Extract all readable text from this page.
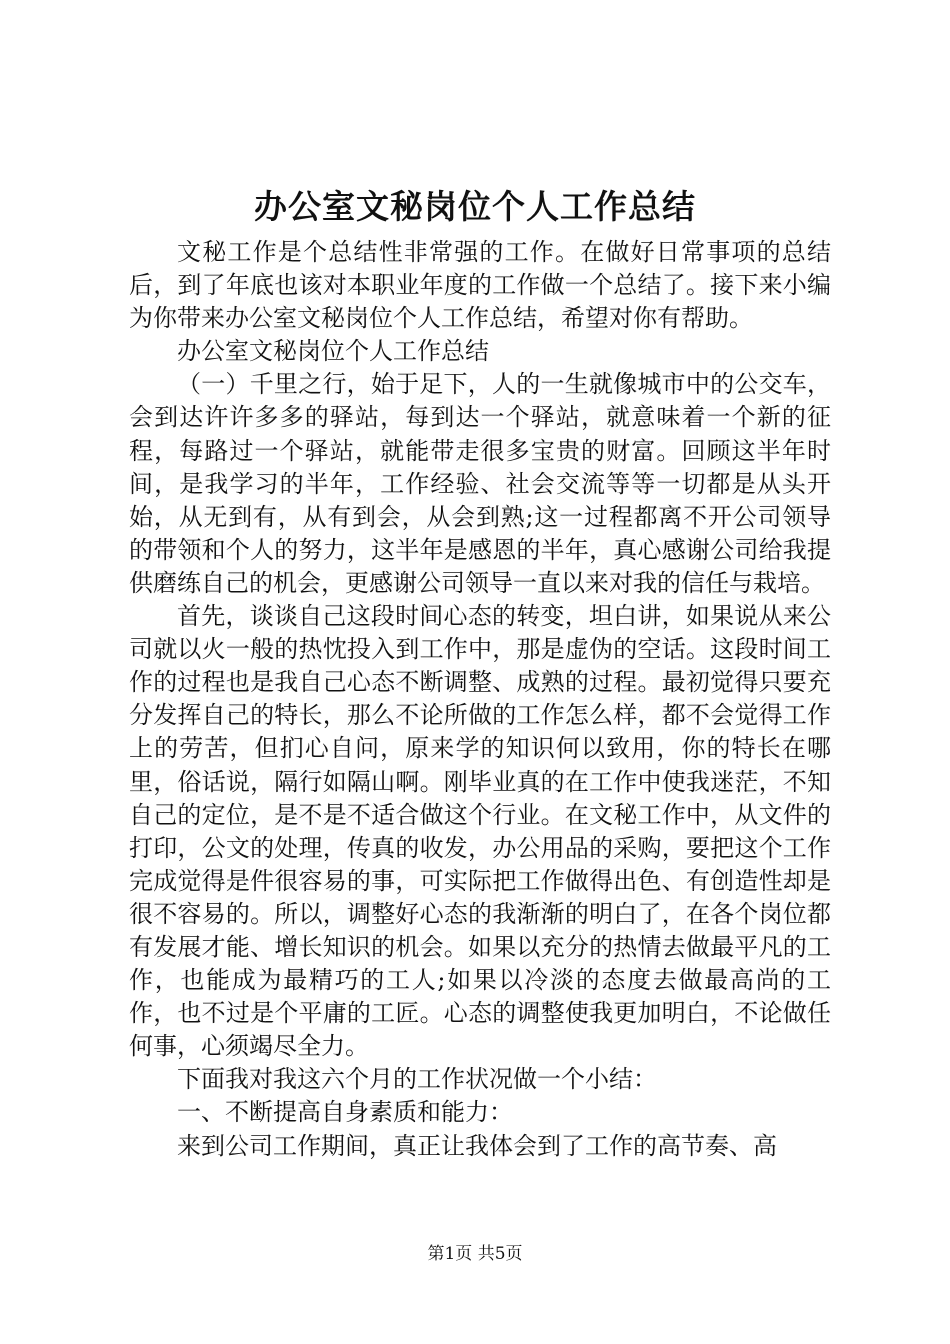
办公室文秘岗位个人工作总结

文秘工作是个总结性非常强的工作。在做好日常事项的总结后，到了年底也该对本职业年度的工作做一个总结了。接下来小编为你带来办公室文秘岗位个人工作总结，希望对你有帮助。

办公室文秘岗位个人工作总结

（一）千里之行，始于足下，人的一生就像城市中的公交车，会到达许许多多的驿站，每到达一个驿站，就意味着一个新的征程，每路过一个驿站，就能带走很多宝贵的财富。回顾这半年时间，是我学习的半年，工作经验、社会交流等等一切都是从头开始，从无到有，从有到会，从会到熟;这一过程都离不开公司领导的带领和个人的努力，这半年是感恩的半年，真心感谢公司给我提供磨练自己的机会，更感谢公司领导一直以来对我的信任与栽培。

首先，谈谈自己这段时间心态的转变，坦白讲，如果说从来公司就以火一般的热忱投入到工作中，那是虚伪的空话。这段时间工作的过程也是我自己心态不断调整、成熟的过程。最初觉得只要充分发挥自己的特长，那么不论所做的工作怎么样，都不会觉得工作上的劳苦，但扪心自问，原来学的知识何以致用，你的特长在哪里，俗话说，隔行如隔山啊。刚毕业真的在工作中使我迷茫，不知自己的定位，是不是不适合做这个行业。在文秘工作中，从文件的打印，公文的处理，传真的收发，办公用品的采购，要把这个工作完成觉得是件很容易的事，可实际把工作做得出色、有创造性却是很不容易的。所以，调整好心态的我渐渐的明白了，在各个岗位都有发展才能、增长知识的机会。如果以充分的热情去做最平凡的工作，也能成为最精巧的工人;如果以冷淡的态度去做最高尚的工作，也不过是个平庸的工匠。心态的调整使我更加明白，不论做任何事，心须竭尽全力。

下面我对我这六个月的工作状况做一个小结：

一、不断提高自身素质和能力：

来到公司工作期间，真正让我体会到了工作的高节奏、高

第1页 共5页
